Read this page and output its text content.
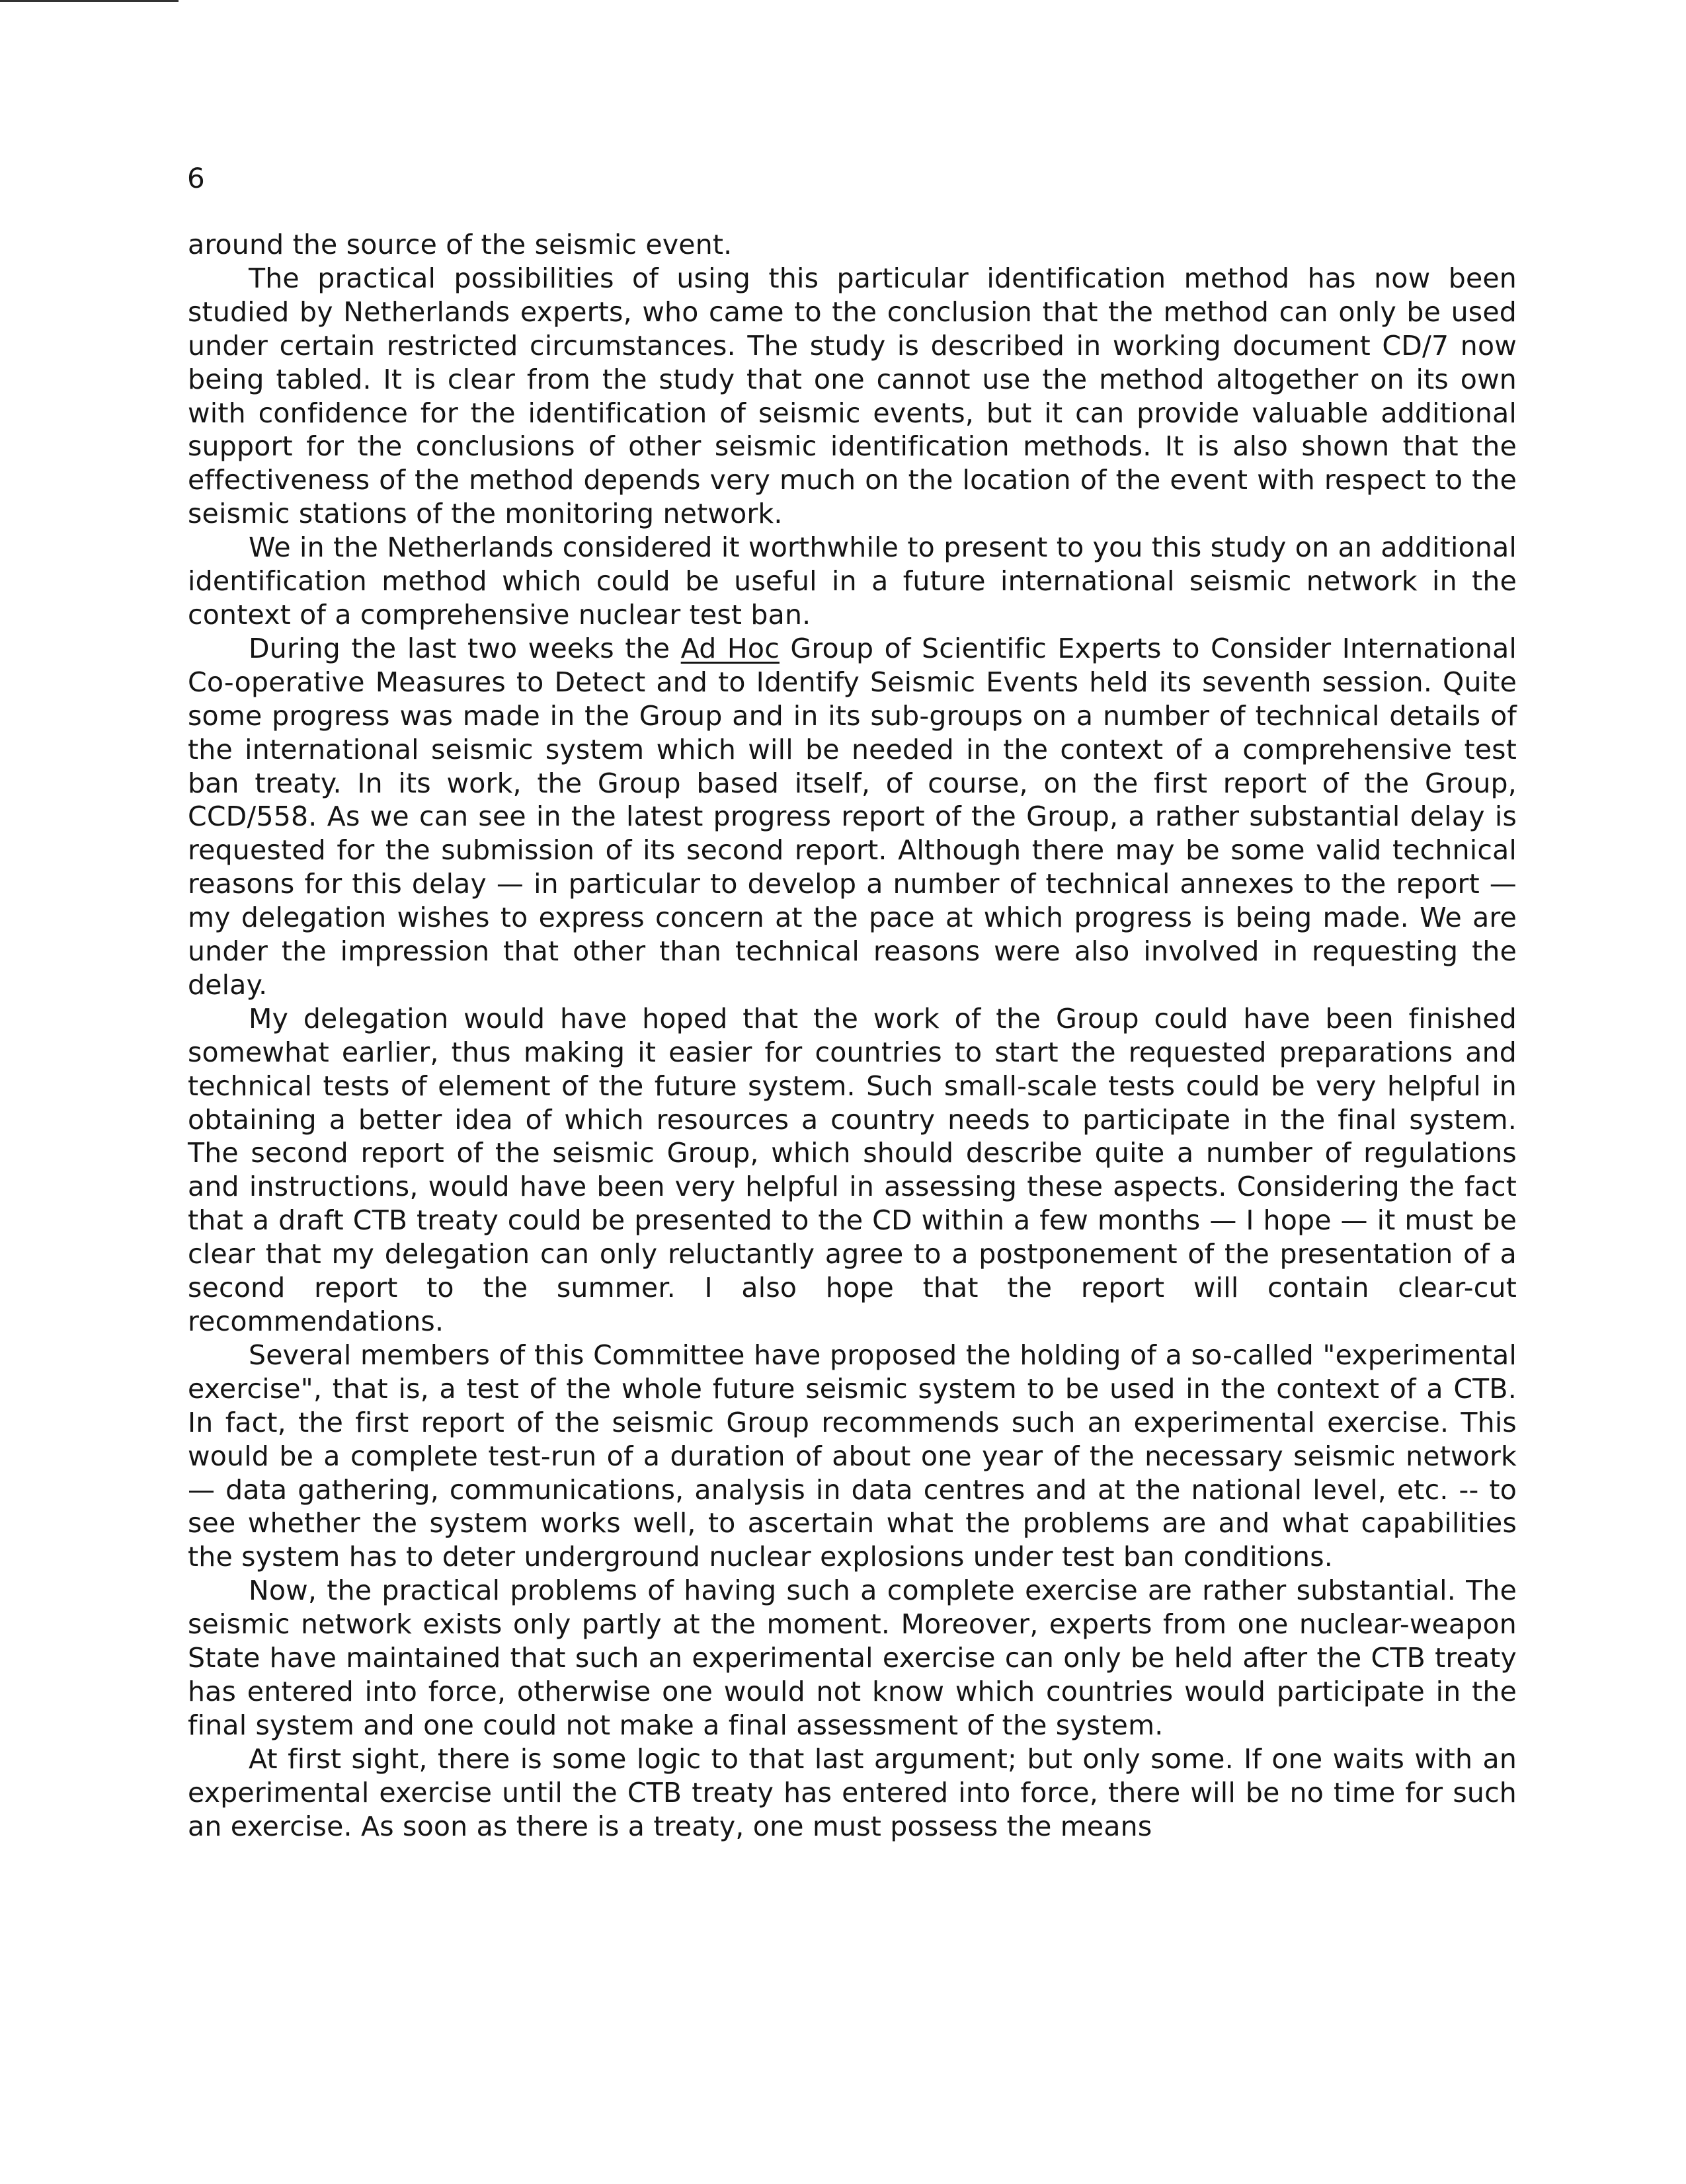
6

around the source of the seismic event.

The practical possibilities of using this particular identification method has now been studied by Netherlands experts, who came to the conclusion that the method can only be used under certain restricted circumstances. The study is described in working document CD/7 now being tabled. It is clear from the study that one cannot use the method altogether on its own with confidence for the identification of seismic events, but it can provide valuable additional support for the conclusions of other seismic identification methods. It is also shown that the effectiveness of the method depends very much on the location of the event with respect to the seismic stations of the monitoring network.

We in the Netherlands considered it worthwhile to present to you this study on an additional identification method which could be useful in a future international seismic network in the context of a comprehensive nuclear test ban.

During the last two weeks the Ad Hoc Group of Scientific Experts to Consider International Co-operative Measures to Detect and to Identify Seismic Events held its seventh session. Quite some progress was made in the Group and in its sub-groups on a number of technical details of the international seismic system which will be needed in the context of a comprehensive test ban treaty. In its work, the Group based itself, of course, on the first report of the Group, CCD/558. As we can see in the latest progress report of the Group, a rather substantial delay is requested for the submission of its second report. Although there may be some valid technical reasons for this delay — in particular to develop a number of technical annexes to the report — my delegation wishes to express concern at the pace at which progress is being made. We are under the impression that other than technical reasons were also involved in requesting the delay.

My delegation would have hoped that the work of the Group could have been finished somewhat earlier, thus making it easier for countries to start the requested preparations and technical tests of element of the future system. Such small-scale tests could be very helpful in obtaining a better idea of which resources a country needs to participate in the final system. The second report of the seismic Group, which should describe quite a number of regulations and instructions, would have been very helpful in assessing these aspects. Considering the fact that a draft CTB treaty could be presented to the CD within a few months — I hope — it must be clear that my delegation can only reluctantly agree to a postponement of the presentation of a second report to the summer. I also hope that the report will contain clear-cut recommendations.

Several members of this Committee have proposed the holding of a so-called "experimental exercise", that is, a test of the whole future seismic system to be used in the context of a CTB. In fact, the first report of the seismic Group recommends such an experimental exercise. This would be a complete test-run of a duration of about one year of the necessary seismic network — data gathering, communications, analysis in data centres and at the national level, etc. -- to see whether the system works well, to ascertain what the problems are and what capabilities the system has to deter underground nuclear explosions under test ban conditions.

Now, the practical problems of having such a complete exercise are rather substantial. The seismic network exists only partly at the moment. Moreover, experts from one nuclear-weapon State have maintained that such an experimental exercise can only be held after the CTB treaty has entered into force, otherwise one would not know which countries would participate in the final system and one could not make a final assessment of the system.

At first sight, there is some logic to that last argument; but only some. If one waits with an experimental exercise until the CTB treaty has entered into force, there will be no time for such an exercise. As soon as there is a treaty, one must possess the means
